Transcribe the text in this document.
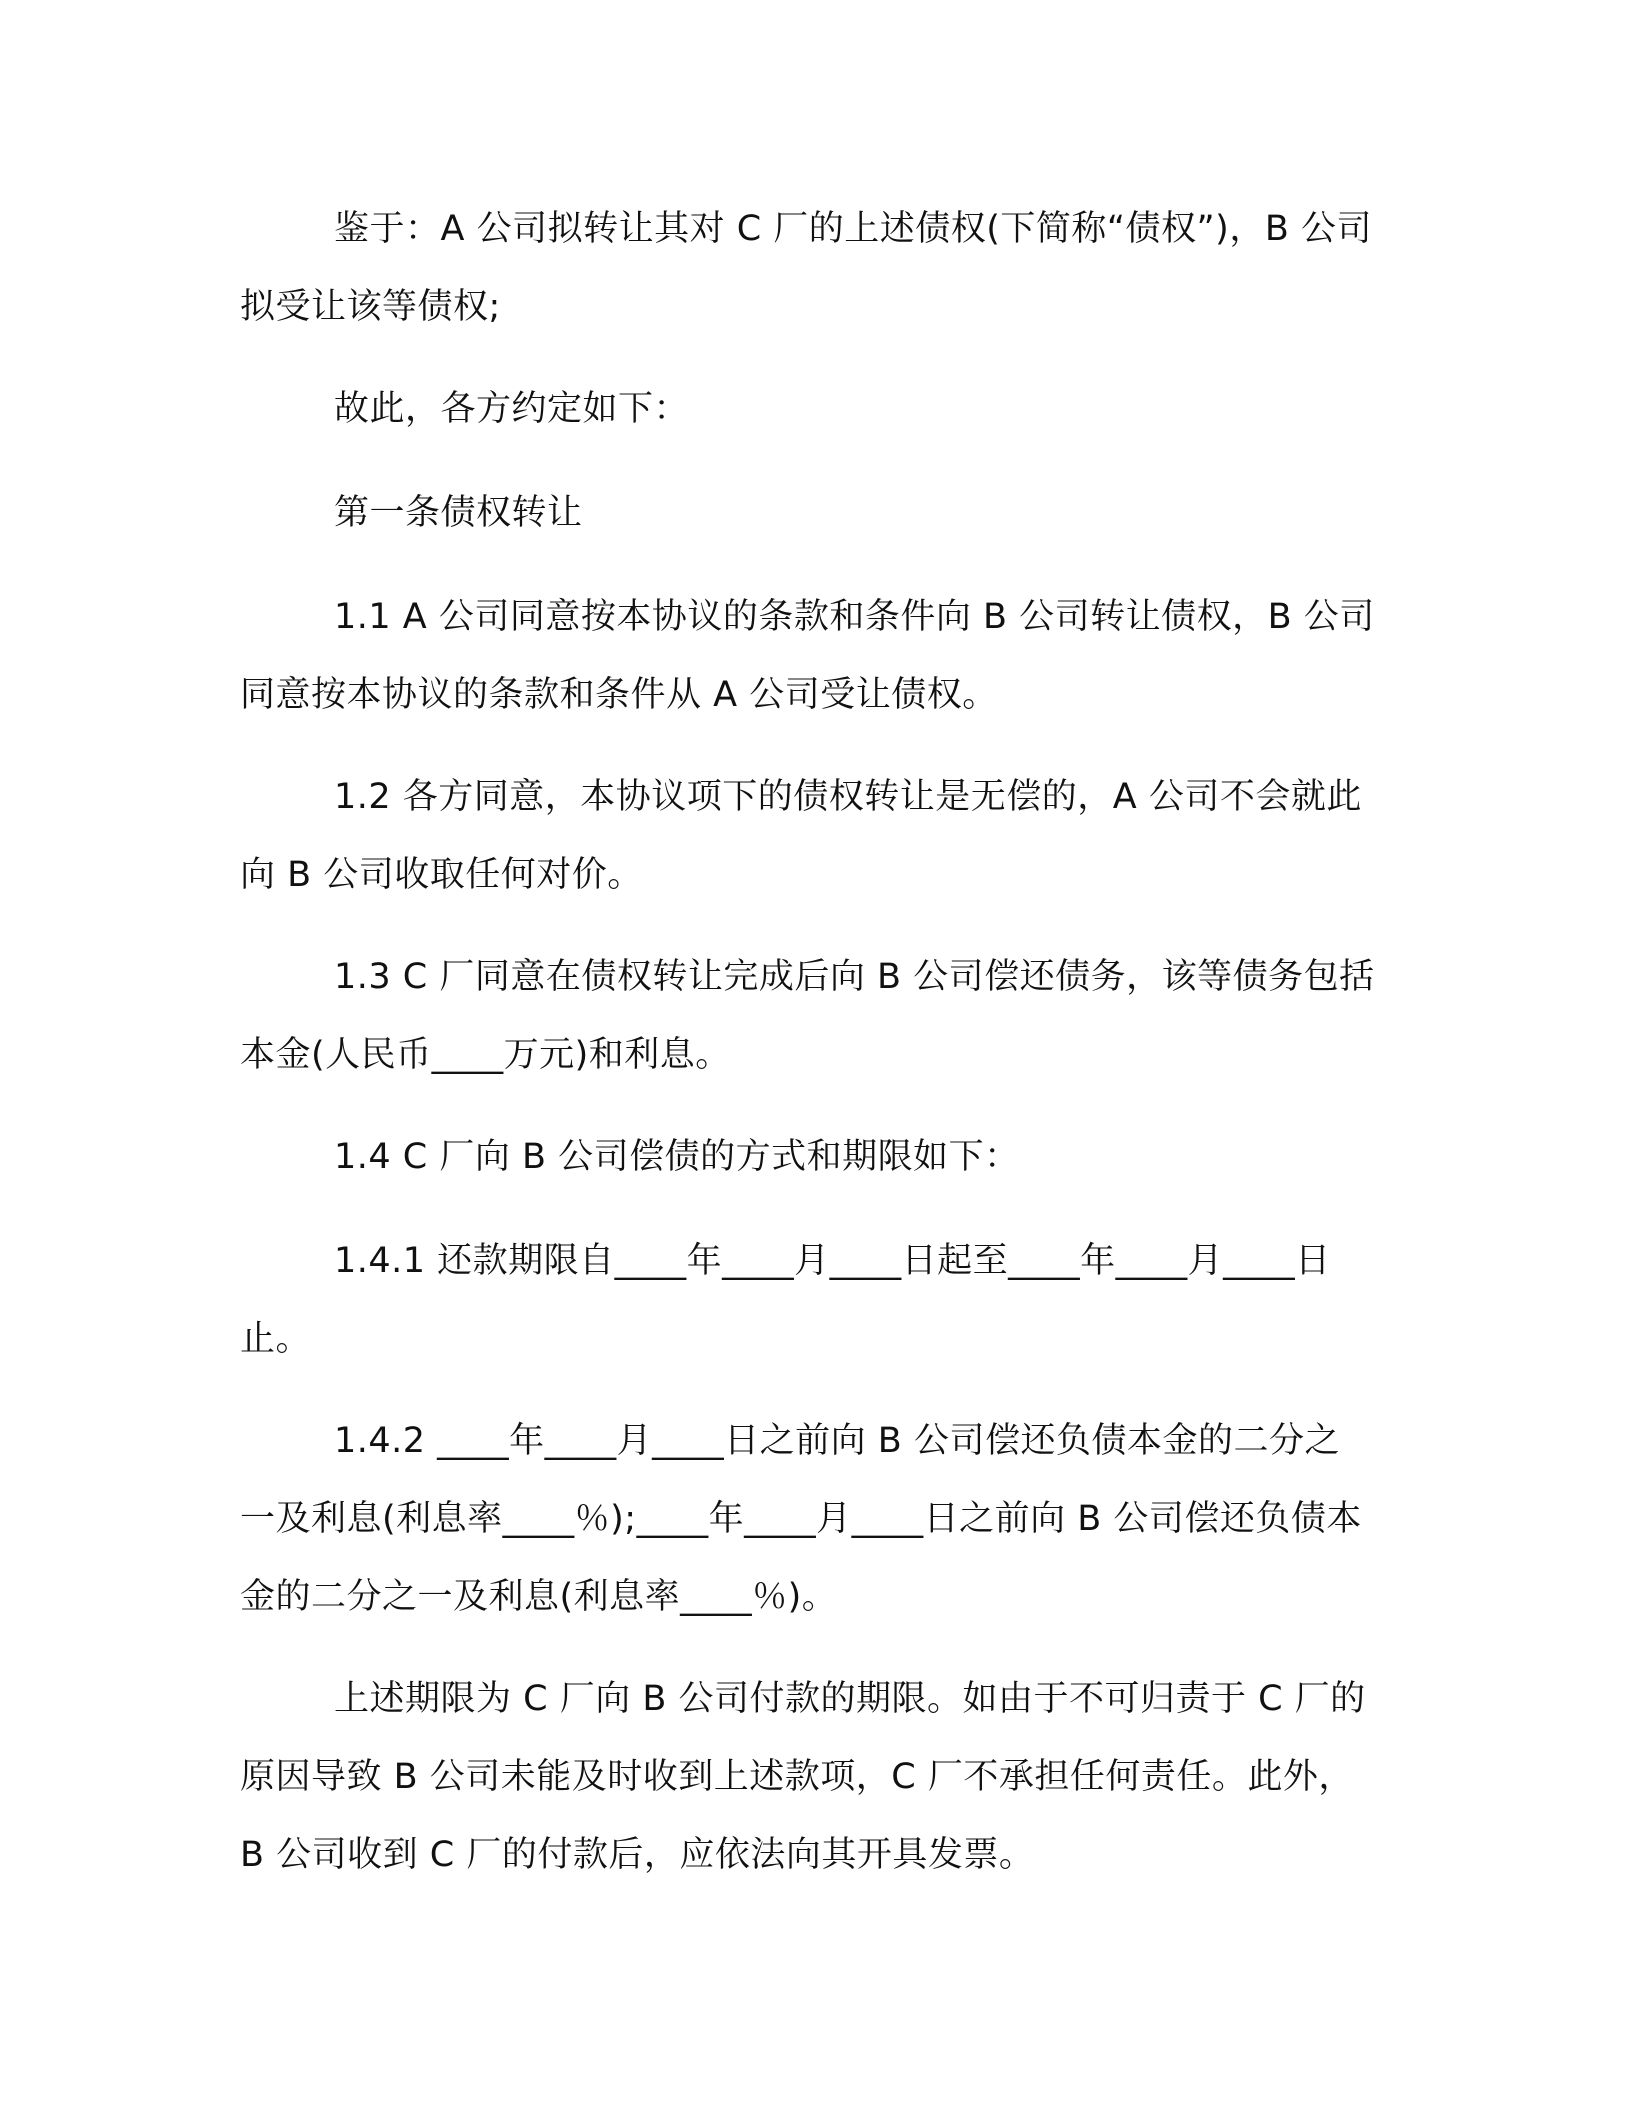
鉴于：A 公司拟转让其对 C 厂的上述债权(下简称“债权”)，B 公司拟受让该等债权;

故此，各方约定如下：

第一条债权转让

1.1 A 公司同意按本协议的条款和条件向 B 公司转让债权，B 公司同意按本协议的条款和条件从 A 公司受让债权。

1.2 各方同意，本协议项下的债权转让是无偿的，A 公司不会就此向 B 公司收取任何对价。

1.3 C 厂同意在债权转让完成后向 B 公司偿还债务，该等债务包括本金(人民币____万元)和利息。

1.4 C 厂向 B 公司偿债的方式和期限如下：

1.4.1 还款期限自____年____月____日起至____年____月____日止。

1.4.2 ____年____月____日之前向 B 公司偿还负债本金的二分之一及利息(利息率____％);____年____月____日之前向 B 公司偿还负债本金的二分之一及利息(利息率____％)。

上述期限为 C 厂向 B 公司付款的期限。如由于不可归责于 C 厂的原因导致 B 公司未能及时收到上述款项，C 厂不承担任何责任。此外，B 公司收到 C 厂的付款后，应依法向其开具发票。
